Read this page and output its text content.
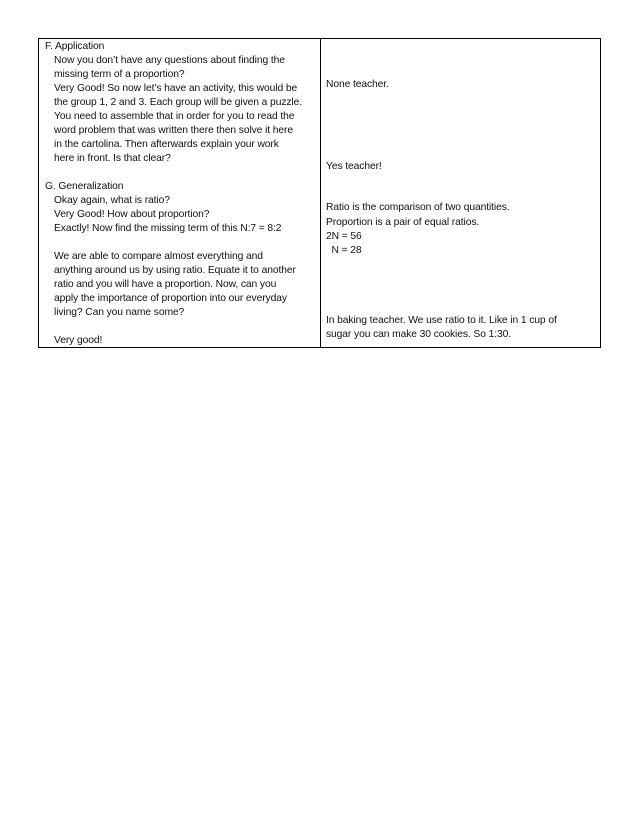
F. Application
Now you don’t have any questions about finding the
missing term of a proportion?
Very Good! So now let’s have an activity, this would be
the group 1, 2 and 3. Each group will be given a puzzle.
You need to assemble that in order for you to read the
word problem that was written there then solve it here
in the cartolina. Then afterwards explain your work
here in front. Is that clear?
G. Generalization
Okay again, what is ratio?
Very Good! How about proportion?
Exactly! Now find the missing term of this N:7 = 8:2
We are able to compare almost everything and
anything around us by using ratio. Equate it to another
ratio and you will have a proportion. Now, can you
apply the importance of proportion into our everyday
living? Can you name some?
Very good!
None teacher.
Yes teacher!
Ratio is the comparison of two quantities.
Proportion is a pair of equal ratios.
2N = 56
N = 28
In baking teacher. We use ratio to it. Like in 1 cup of
sugar you can make 30 cookies. So 1:30.
